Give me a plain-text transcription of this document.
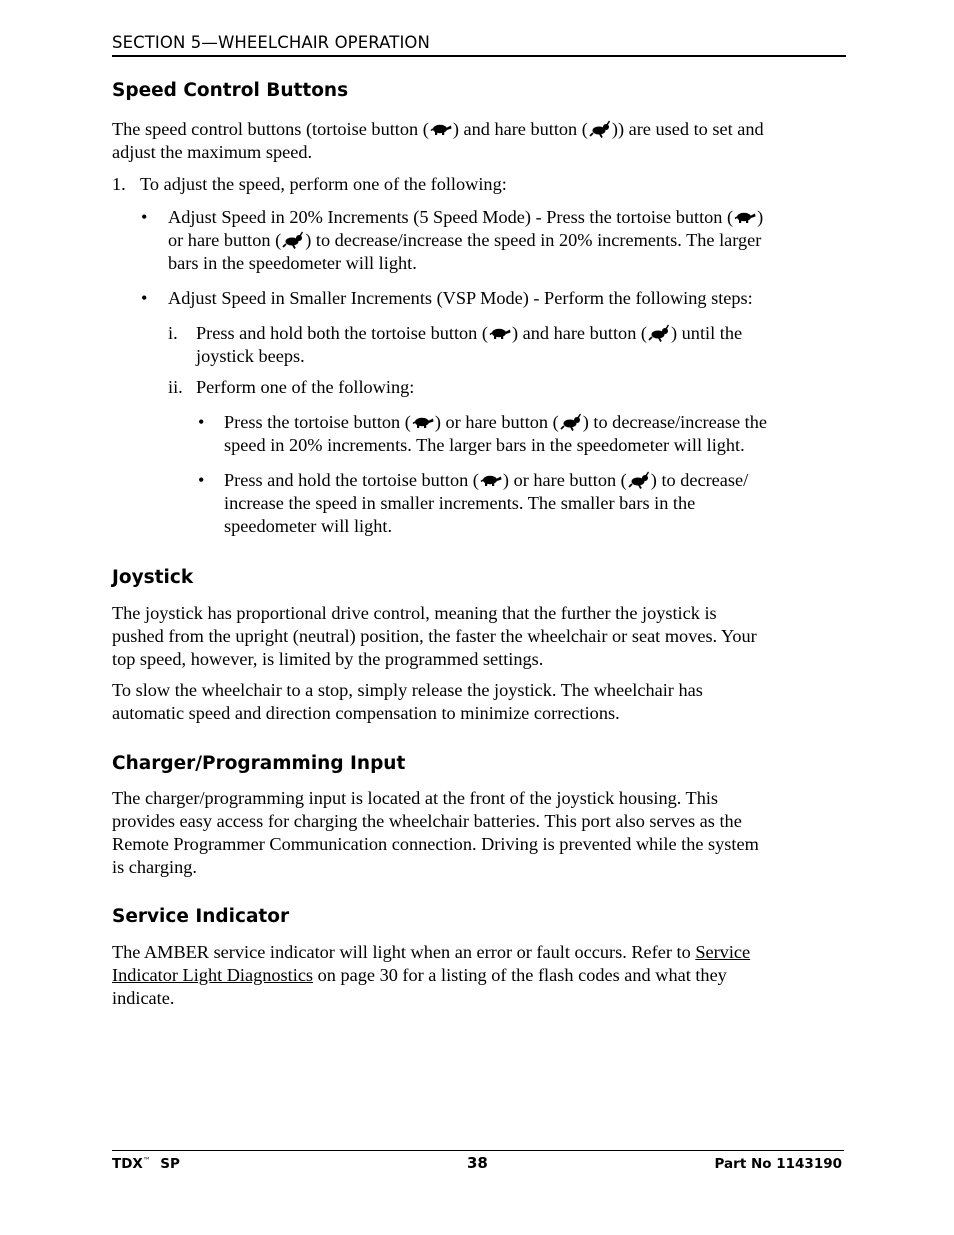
SECTION 5—WHEELCHAIR OPERATION
Speed Control Buttons
The speed control buttons (tortoise button ( ) and hare button ( )) are used to set and
adjust the maximum speed.
1. To adjust the speed, perform one of the following:
• Adjust Speed in 20% Increments (5 Speed Mode) - Press the tortoise button ( )
or hare button ( ) to decrease/increase the speed in 20% increments. The larger
bars in the speedometer will light.
• Adjust Speed in Smaller Increments (VSP Mode) - Perform the following steps:
i. Press and hold both the tortoise button ( ) and hare button ( ) until the
joystick beeps.
ii. Perform one of the following:
• Press the tortoise button ( ) or hare button ( ) to decrease/increase the
speed in 20% increments. The larger bars in the speedometer will light.
• Press and hold the tortoise button ( ) or hare button ( ) to decrease/
increase the speed in smaller increments. The smaller bars in the
speedometer will light.
Joystick
The joystick has proportional drive control, meaning that the further the joystick is
pushed from the upright (neutral) position, the faster the wheelchair or seat moves. Your
top speed, however, is limited by the programmed settings.
To slow the wheelchair to a stop, simply release the joystick. The wheelchair has
automatic speed and direction compensation to minimize corrections.
Charger/Programming Input
The charger/programming input is located at the front of the joystick housing. This
provides easy access for charging the wheelchair batteries. This port also serves as the
Remote Programmer Communication connection. Driving is prevented while the system
is charging.
Service Indicator
The AMBER service indicator will light when an error or fault occurs. Refer to Service
Indicator Light Diagnostics on page 30 for a listing of the flash codes and what they
indicate.
TDX™ SP	38	Part No 1143190
